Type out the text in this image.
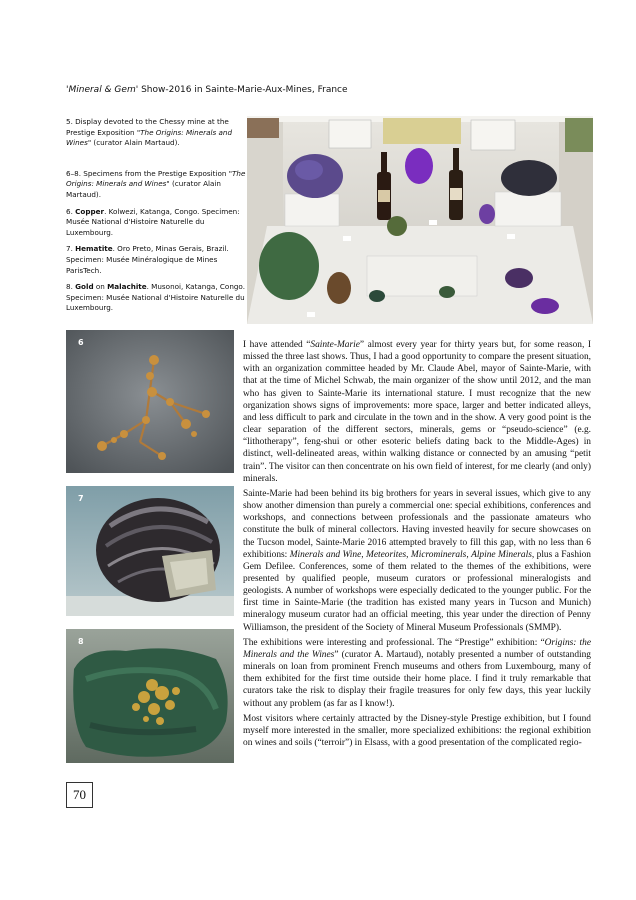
'Mineral & Gem' Show-2016 in Sainte-Marie-Aux-Mines, France

5. Display devoted to the Chessy mine at the Prestige Exposition "The Origins: Minerals and Wines" (curator Alain Martaud).

6–8. Specimens from the Prestige Exposition "The Origins: Minerals and Wines" (curator Alain Martaud).

6. Copper. Kolwezi, Katanga, Congo. Specimen: Musée National d'Histoire Naturelle du Luxembourg.

7. Hematite. Oro Preto, Minas Gerais, Brazil. Specimen: Musée Minéralogique de Mines ParisTech.

8. Gold on Malachite. Musonoi, Katanga, Congo. Specimen: Musée National d'Histoire Naturelle du Luxembourg.

6
7
8

I have attended “Sainte-Marie” almost every year for thirty years but, for some reason, I missed the three last shows. Thus, I had a good opportunity to compare the present situation, with an organization committee headed by Mr. Claude Abel, mayor of Sainte-Marie, with that at the time of Michel Schwab, the main organizer of the show until 2012, and the man who has given to Sainte-Marie its international stature. I must recognize that the new organization shows signs of improvements: more space, larger and better indicated alleys, and less difficult to park and circulate in the town and in the show. A very good point is the clear separation of the different sectors, minerals, gems or “pseudo-science” (e.g. “lithotherapy”, feng-shui or other esoteric beliefs dating back to the Middle-Ages) in distinct, well-delineated areas, within walking distance or connected by an amusing “petit train”. The visitor can then concentrate on his own field of interest, for me clearly (and only) minerals.

Sainte-Marie had been behind its big brothers for years in several issues, which give to any show another dimension than purely a commercial one: special exhibitions, conferences and workshops, and connections between professionals and the passionate amateurs who constitute the bulk of mineral collectors. Having invested heavily for secure showcases on the Tucson model, Sainte-Marie 2016 attempted bravely to fill this gap, with no less than 6 exhibitions: Minerals and Wine, Meteorites, Microminerals, Alpine Minerals, plus a Fashion Gem Defilee. Conferences, some of them related to the themes of the exhibitions, were presented by qualified people, museum curators or professional mineralogists and geologists. A number of workshops were especially dedicated to the younger public. For the first time in Sainte-Marie (the tradition has existed many years in Tucson and Munich) mineralogy museum curator had an official meeting, this year under the direction of Penny Williamson, the president of the Society of Mineral Museum Professionals (SMMP).

The exhibitions were interesting and professional. The “Prestige” exhibition: “Origins: the Minerals and the Wines” (curator A. Martaud), notably presented a number of outstanding minerals on loan from prominent French museums and others from Luxembourg, many of them exhibited for the first time outside their home place. I find it truly remarkable that curators take the risk to display their fragile treasures for only few days, this year luckily without any problem (as far as I know!).

Most visitors where certainly attracted by the Disney-style Prestige exhibition, but I found myself more interested in the smaller, more specialized exhibitions: the regional exhibition on wines and soils (“terroir”) in Elsass, with a good presentation of the complicated regio-

70
